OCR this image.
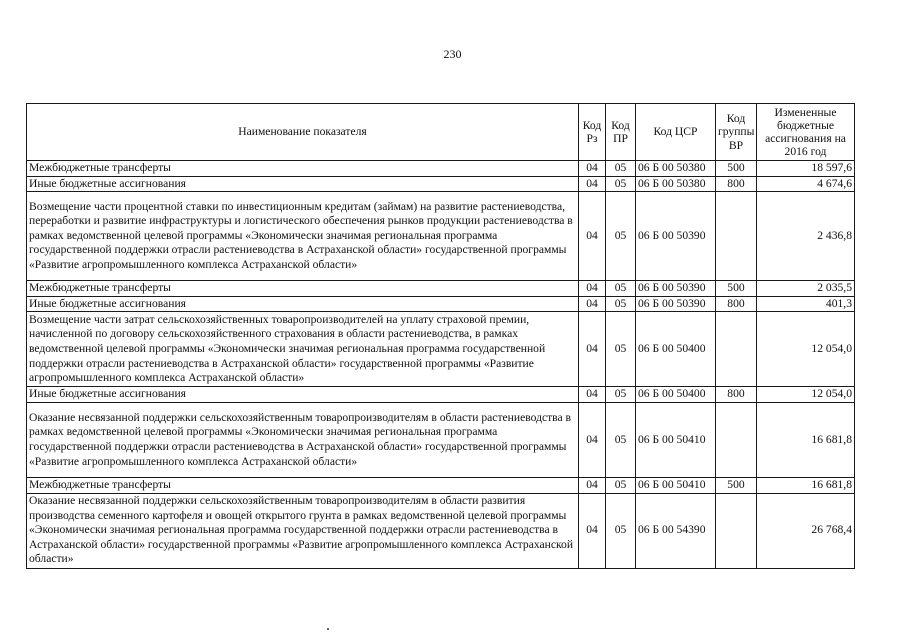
230
Наименование показателя	Код Рз	Код ПР	Код ЦСР	Код группы ВР	Измененные бюджетные ассигнования на 2016 год
Межбюджетные трансферты	04	05	06 Б 00 50380	500	18 597,6
Иные бюджетные ассигнования	04	05	06 Б 00 50380	800	4 674,6
Возмещение части процентной ставки по инвестиционным кредитам (займам) на развитие растениеводства, переработки и развитие инфраструктуры и логистического обеспечения рынков продукции растениеводства в рамках ведомственной целевой программы «Экономически значимая региональная программа государственной поддержки отрасли растениеводства в Астраханской области» государственной программы «Развитие агропромышленного комплекса Астраханской области»	04	05	06 Б 00 50390		2 436,8
Межбюджетные трансферты	04	05	06 Б 00 50390	500	2 035,5
Иные бюджетные ассигнования	04	05	06 Б 00 50390	800	401,3
Возмещение части затрат сельскохозяйственных товаропроизводителей на уплату страховой премии, начисленной по договору сельскохозяйственного страхования в области растениеводства, в рамках ведомственной целевой программы «Экономически значимая региональная программа государственной поддержки отрасли растениеводства в Астраханской области» государственной программы «Развитие агропромышленного комплекса Астраханской области»	04	05	06 Б 00 50400		12 054,0
Иные бюджетные ассигнования	04	05	06 Б 00 50400	800	12 054,0
Оказание несвязанной поддержки сельскохозяйственным товаропроизводителям в области растениеводства в рамках ведомственной целевой программы «Экономически значимая региональная программа государственной поддержки отрасли растениеводства в Астраханской области» государственной программы «Развитие агропромышленного комплекса Астраханской области»	04	05	06 Б 00 50410		16 681,8
Межбюджетные трансферты	04	05	06 Б 00 50410	500	16 681,8
Оказание несвязанной поддержки сельскохозяйственным товаропроизводителям в области развития производства семенного картофеля и овощей открытого грунта в рамках ведомственной целевой программы «Экономически значимая региональная программа государственной поддержки отрасли растениеводства в Астраханской области» государственной программы «Развитие агропромышленного комплекса Астраханской области»	04	05	06 Б 00 54390		26 768,4
